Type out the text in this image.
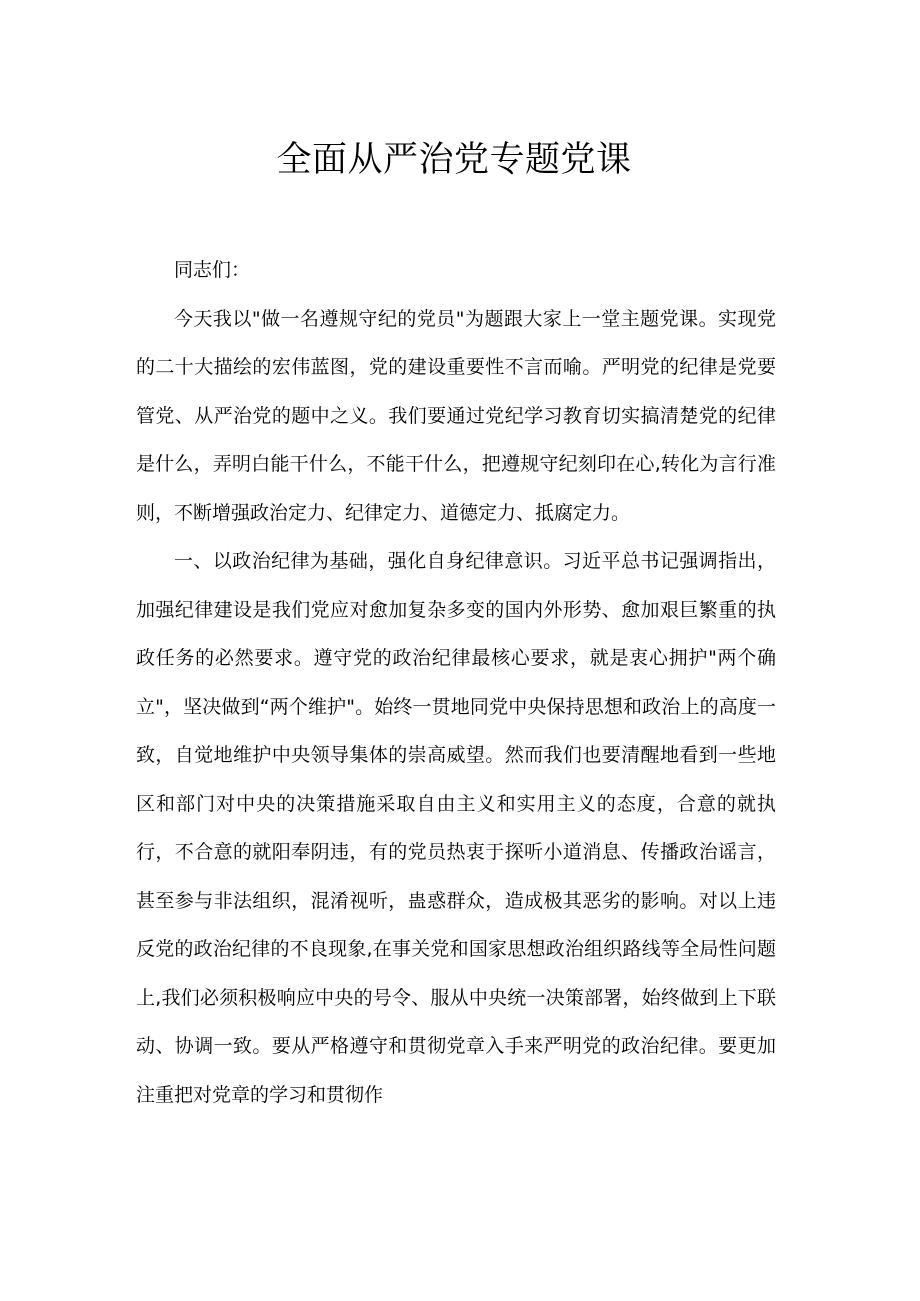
全面从严治党专题党课

同志们：

今天我以"做一名遵规守纪的党员"为题跟大家上一堂主题党课。实现党的二十大描绘的宏伟蓝图，党的建设重要性不言而喻。严明党的纪律是党要管党、从严治党的题中之义。我们要通过党纪学习教育切实搞清楚党的纪律是什么，弄明白能干什么，不能干什么，把遵规守纪刻印在心,转化为言行准则，不断增强政治定力、纪律定力、道德定力、抵腐定力。

一、以政治纪律为基础，强化自身纪律意识。习近平总书记强调指出，加强纪律建设是我们党应对愈加复杂多变的国内外形势、愈加艰巨繁重的执政任务的必然要求。遵守党的政治纪律最核心要求，就是衷心拥护"两个确立"，坚决做到“两个维护"。始终一贯地同党中央保持思想和政治上的高度一致，自觉地维护中央领导集体的崇高威望。然而我们也要清醒地看到一些地区和部门对中央的决策措施采取自由主义和实用主义的态度，合意的就执行，不合意的就阳奉阴违，有的党员热衷于探听小道消息、传播政治谣言，甚至参与非法组织，混淆视听，蛊惑群众，造成极其恶劣的影响。对以上违反党的政治纪律的不良现象,在事关党和国家思想政治组织路线等全局性问题上,我们必须积极响应中央的号令、服从中央统一决策部署，始终做到上下联动、协调一致。要从严格遵守和贯彻党章入手来严明党的政治纪律。要更加注重把对党章的学习和贯彻作
